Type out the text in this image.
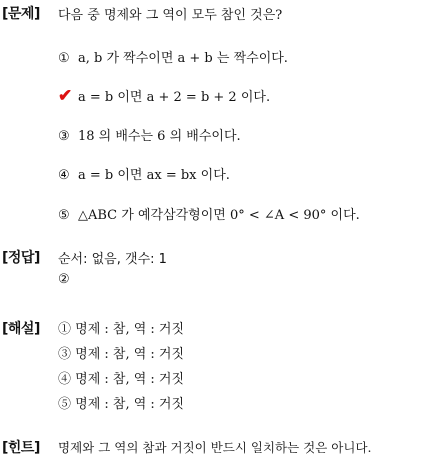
[문제] 다음 중 명제와 그 역이 모두 참인 것은?
① a, b 가 짝수이면 a + b 는 짝수이다.
✔ a = b 이면 a + 2 = b + 2 이다.
③ 18 의 배수는 6 의 배수이다.
④ a = b 이면 ax = bx 이다.
⑤ △ABC 가 예각삼각형이면 0° < ∠A < 90° 이다.
[정답] 순서: 없음, 갯수: 1
②
[해설] ① 명제 : 참, 역 : 거짓
③ 명제 : 참, 역 : 거짓
④ 명제 : 참, 역 : 거짓
⑤ 명제 : 참, 역 : 거짓
[힌트] 명제와 그 역의 참과 거짓이 반드시 일치하는 것은 아니다.
